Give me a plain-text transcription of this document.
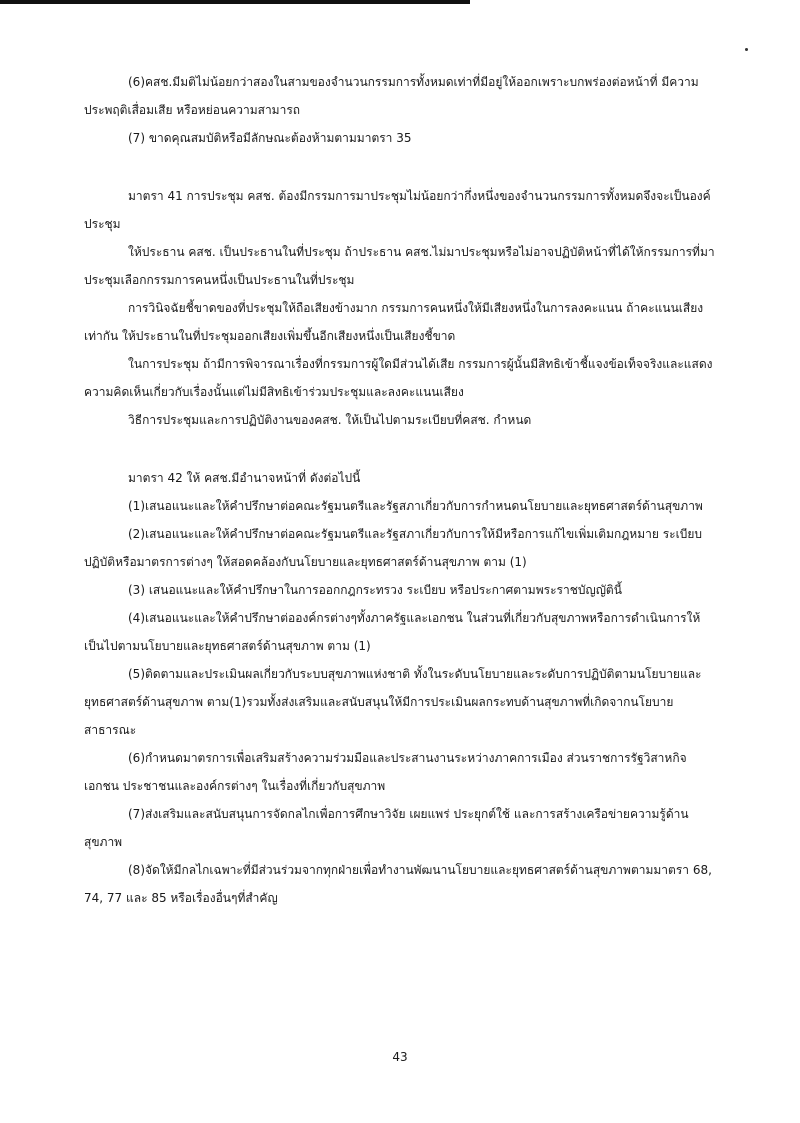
(6)คสช.มีมติไม่น้อยกว่าสองในสามของจำนวนกรรมการทั้งหมดเท่าที่มีอยู่ให้ออกเพราะบกพร่องต่อหน้าที่ มีความประพฤติเสื่อมเสีย หรือหย่อนความสามารถ

(7) ขาดคุณสมบัติหรือมีลักษณะต้องห้ามตามมาตรา 35

มาตรา 41 การประชุม คสช. ต้องมีกรรมการมาประชุมไม่น้อยกว่ากึ่งหนึ่งของจำนวนกรรมการทั้งหมดจึงจะเป็นองค์ประชุม

ให้ประธาน คสช. เป็นประธานในที่ประชุม ถ้าประธาน คสช.ไม่มาประชุมหรือไม่อาจปฏิบัติหน้าที่ได้ให้กรรมการที่มาประชุมเลือกกรรมการคนหนึ่งเป็นประธานในที่ประชุม

การวินิจฉัยชี้ขาดของที่ประชุมให้ถือเสียงข้างมาก กรรมการคนหนึ่งให้มีเสียงหนึ่งในการลงคะแนน ถ้าคะแนนเสียงเท่ากัน ให้ประธานในที่ประชุมออกเสียงเพิ่มขึ้นอีกเสียงหนึ่งเป็นเสียงชี้ขาด

ในการประชุม ถ้ามีการพิจารณาเรื่องที่กรรมการผู้ใดมีส่วนได้เสีย กรรมการผู้นั้นมีสิทธิเข้าชี้แจงข้อเท็จจริงและแสดงความคิดเห็นเกี่ยวกับเรื่องนั้นแต่ไม่มีสิทธิเข้าร่วมประชุมและลงคะแนนเสียง

วิธีการประชุมและการปฏิบัติงานของคสช. ให้เป็นไปตามระเบียบที่คสช. กำหนด

มาตรา 42 ให้ คสช.มีอำนาจหน้าที่ ดังต่อไปนี้

(1)เสนอแนะและให้คำปรึกษาต่อคณะรัฐมนตรีและรัฐสภาเกี่ยวกับการกำหนดนโยบายและยุทธศาสตร์ด้านสุขภาพ

(2)เสนอแนะและให้คำปรึกษาต่อคณะรัฐมนตรีและรัฐสภาเกี่ยวกับการให้มีหรือการแก้ไขเพิ่มเติมกฎหมาย ระเบียบปฏิบัติหรือมาตรการต่างๆ ให้สอดคล้องกับนโยบายและยุทธศาสตร์ด้านสุขภาพ ตาม (1)

(3) เสนอแนะและให้คำปรึกษาในการออกกฎกระทรวง ระเบียบ หรือประกาศตามพระราชบัญญัตินี้

(4)เสนอแนะและให้คำปรึกษาต่อองค์กรต่างๆทั้งภาครัฐและเอกชน ในส่วนที่เกี่ยวกับสุขภาพหรือการดำเนินการให้เป็นไปตามนโยบายและยุทธศาสตร์ด้านสุขภาพ ตาม (1)

(5)ติดตามและประเมินผลเกี่ยวกับระบบสุขภาพแห่งชาติ ทั้งในระดับนโยบายและระดับการปฏิบัติตามนโยบายและยุทธศาสตร์ด้านสุขภาพ ตาม(1)รวมทั้งส่งเสริมและสนับสนุนให้มีการประเมินผลกระทบด้านสุขภาพที่เกิดจากนโยบายสาธารณะ

(6)กำหนดมาตรการเพื่อเสริมสร้างความร่วมมือและประสานงานระหว่างภาคการเมือง ส่วนราชการรัฐวิสาหกิจ เอกชน ประชาชนและองค์กรต่างๆ ในเรื่องที่เกี่ยวกับสุขภาพ

(7)ส่งเสริมและสนับสนุนการจัดกลไกเพื่อการศึกษาวิจัย เผยแพร่ ประยุกต์ใช้ และการสร้างเครือข่ายความรู้ด้านสุขภาพ

(8)จัดให้มีกลไกเฉพาะที่มีส่วนร่วมจากทุกฝ่ายเพื่อทำงานพัฒนานโยบายและยุทธศาสตร์ด้านสุขภาพตามมาตรา 68, 74, 77 และ 85 หรือเรื่องอื่นๆที่สำคัญ

43
